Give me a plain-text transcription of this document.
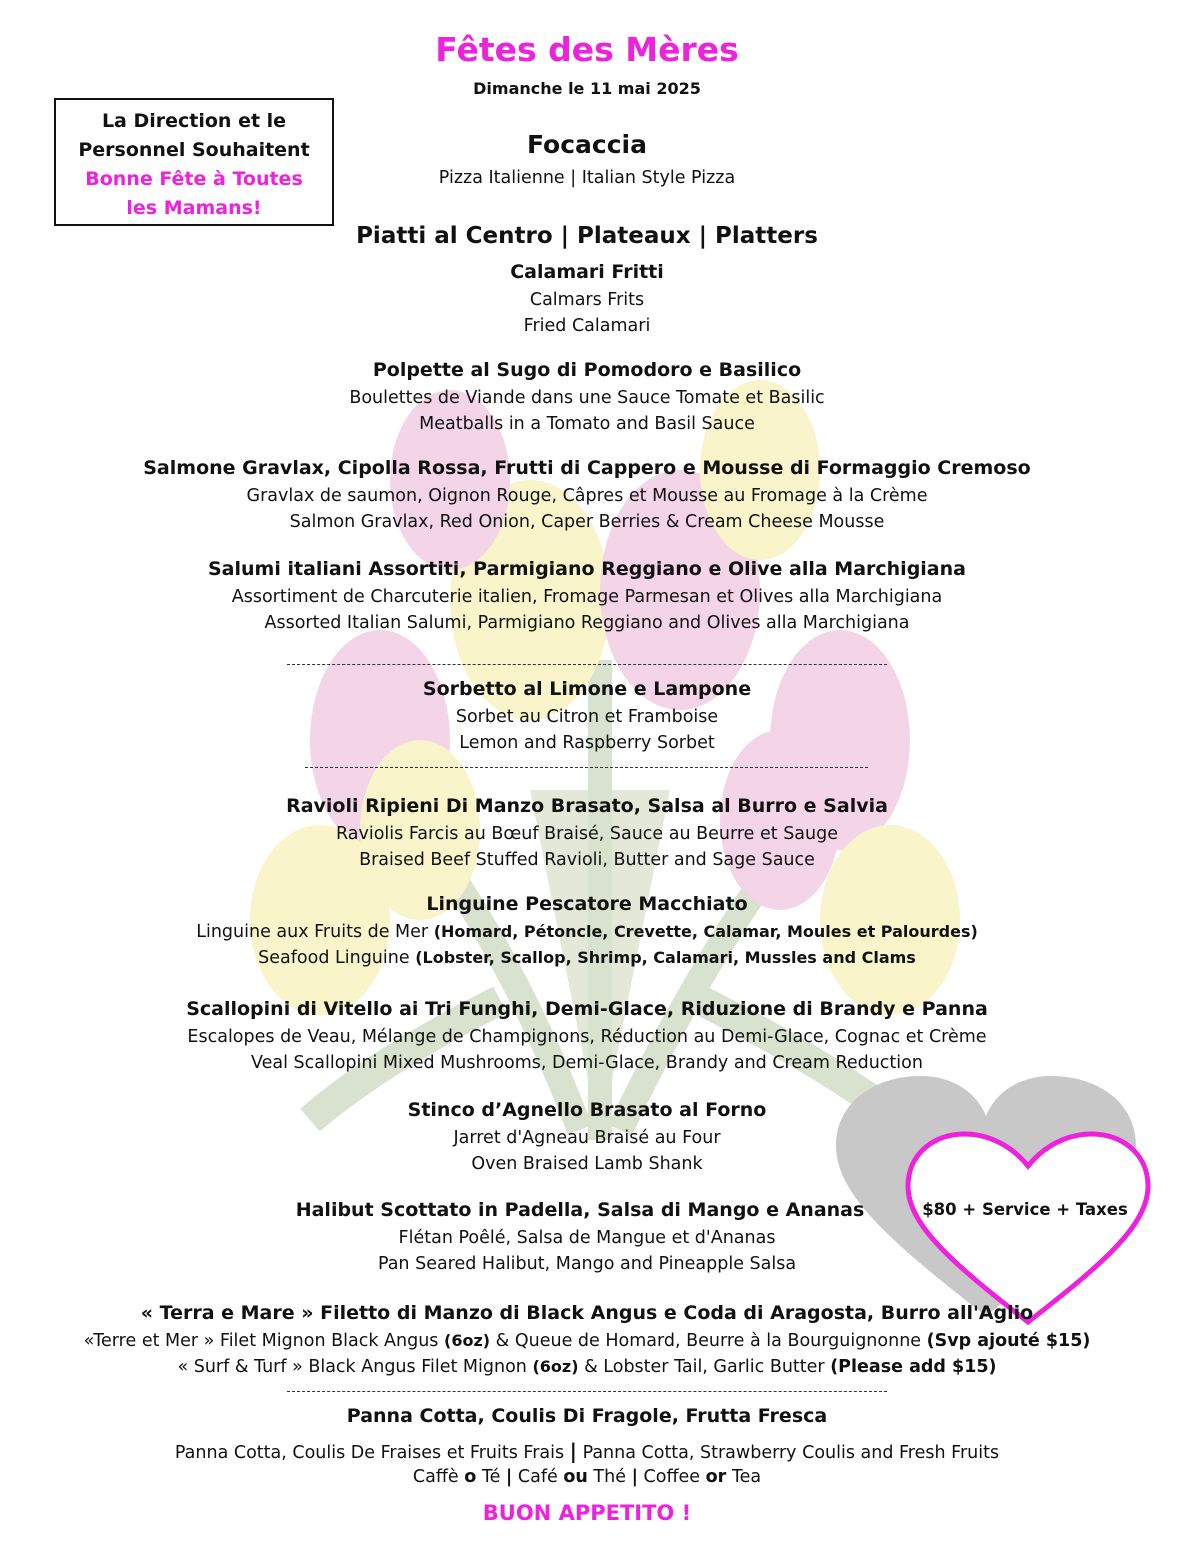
Fêtes des Mères
Dimanche le 11 mai 2025
La Direction et le
Personnel Souhaitent
Bonne Fête à Toutes
les Mamans!
Focaccia
Pizza Italienne | Italian Style Pizza
Piatti al Centro | Plateaux | Platters
Calamari Fritti
Calmars Frits
Fried Calamari
Polpette al Sugo di Pomodoro e Basilico
Boulettes de Viande dans une Sauce Tomate et Basilic
Meatballs in a Tomato and Basil Sauce
Salmone Gravlax, Cipolla Rossa, Frutti di Cappero e Mousse di Formaggio Cremoso
Gravlax de saumon, Oignon Rouge, Câpres et Mousse au Fromage à la Crème
Salmon Gravlax, Red Onion, Caper Berries & Cream Cheese Mousse
Salumi italiani Assortiti, Parmigiano Reggiano e Olive alla Marchigiana
Assortiment de Charcuterie italien, Fromage Parmesan et Olives alla Marchigiana
Assorted Italian Salumi, Parmigiano Reggiano and Olives alla Marchigiana
Sorbetto al Limone e Lampone
Sorbet au Citron et Framboise
Lemon and Raspberry Sorbet
Ravioli Ripieni Di Manzo Brasato, Salsa al Burro e Salvia
Raviolis Farcis au Bœuf Braisé, Sauce au Beurre et Sauge
Braised Beef Stuffed Ravioli, Butter and Sage Sauce
Linguine Pescatore Macchiato
Linguine aux Fruits de Mer (Homard, Pétoncle, Crevette, Calamar, Moules et Palourdes)
Seafood Linguine (Lobster, Scallop, Shrimp, Calamari, Mussles and Clams
Scallopini di Vitello ai Tri Funghi, Demi-Glace, Riduzione di Brandy e Panna
Escalopes de Veau, Mélange de Champignons, Réduction au Demi-Glace, Cognac et Crème
Veal Scallopini Mixed Mushrooms, Demi-Glace, Brandy and Cream Reduction
Stinco d’Agnello Brasato al Forno
Jarret d'Agneau Braisé au Four
Oven Braised Lamb Shank
Halibut Scottato in Padella, Salsa di Mango e Ananas
Flétan Poêlé, Salsa de Mangue et d'Ananas
Pan Seared Halibut, Mango and Pineapple Salsa
$80 + Service + Taxes
« Terra e Mare » Filetto di Manzo di Black Angus e Coda di Aragosta, Burro all'Aglio
«Terre et Mer » Filet Mignon Black Angus (6oz) & Queue de Homard, Beurre à la Bourguignonne (Svp ajouté $15)
« Surf & Turf » Black Angus Filet Mignon (6oz) & Lobster Tail, Garlic Butter (Please add $15)
Panna Cotta, Coulis Di Fragole, Frutta Fresca
Panna Cotta, Coulis De Fraises et Fruits Frais | Panna Cotta, Strawberry Coulis and Fresh Fruits
Caffè o Té | Café ou Thé | Coffee or Tea
BUON APPETITO !
